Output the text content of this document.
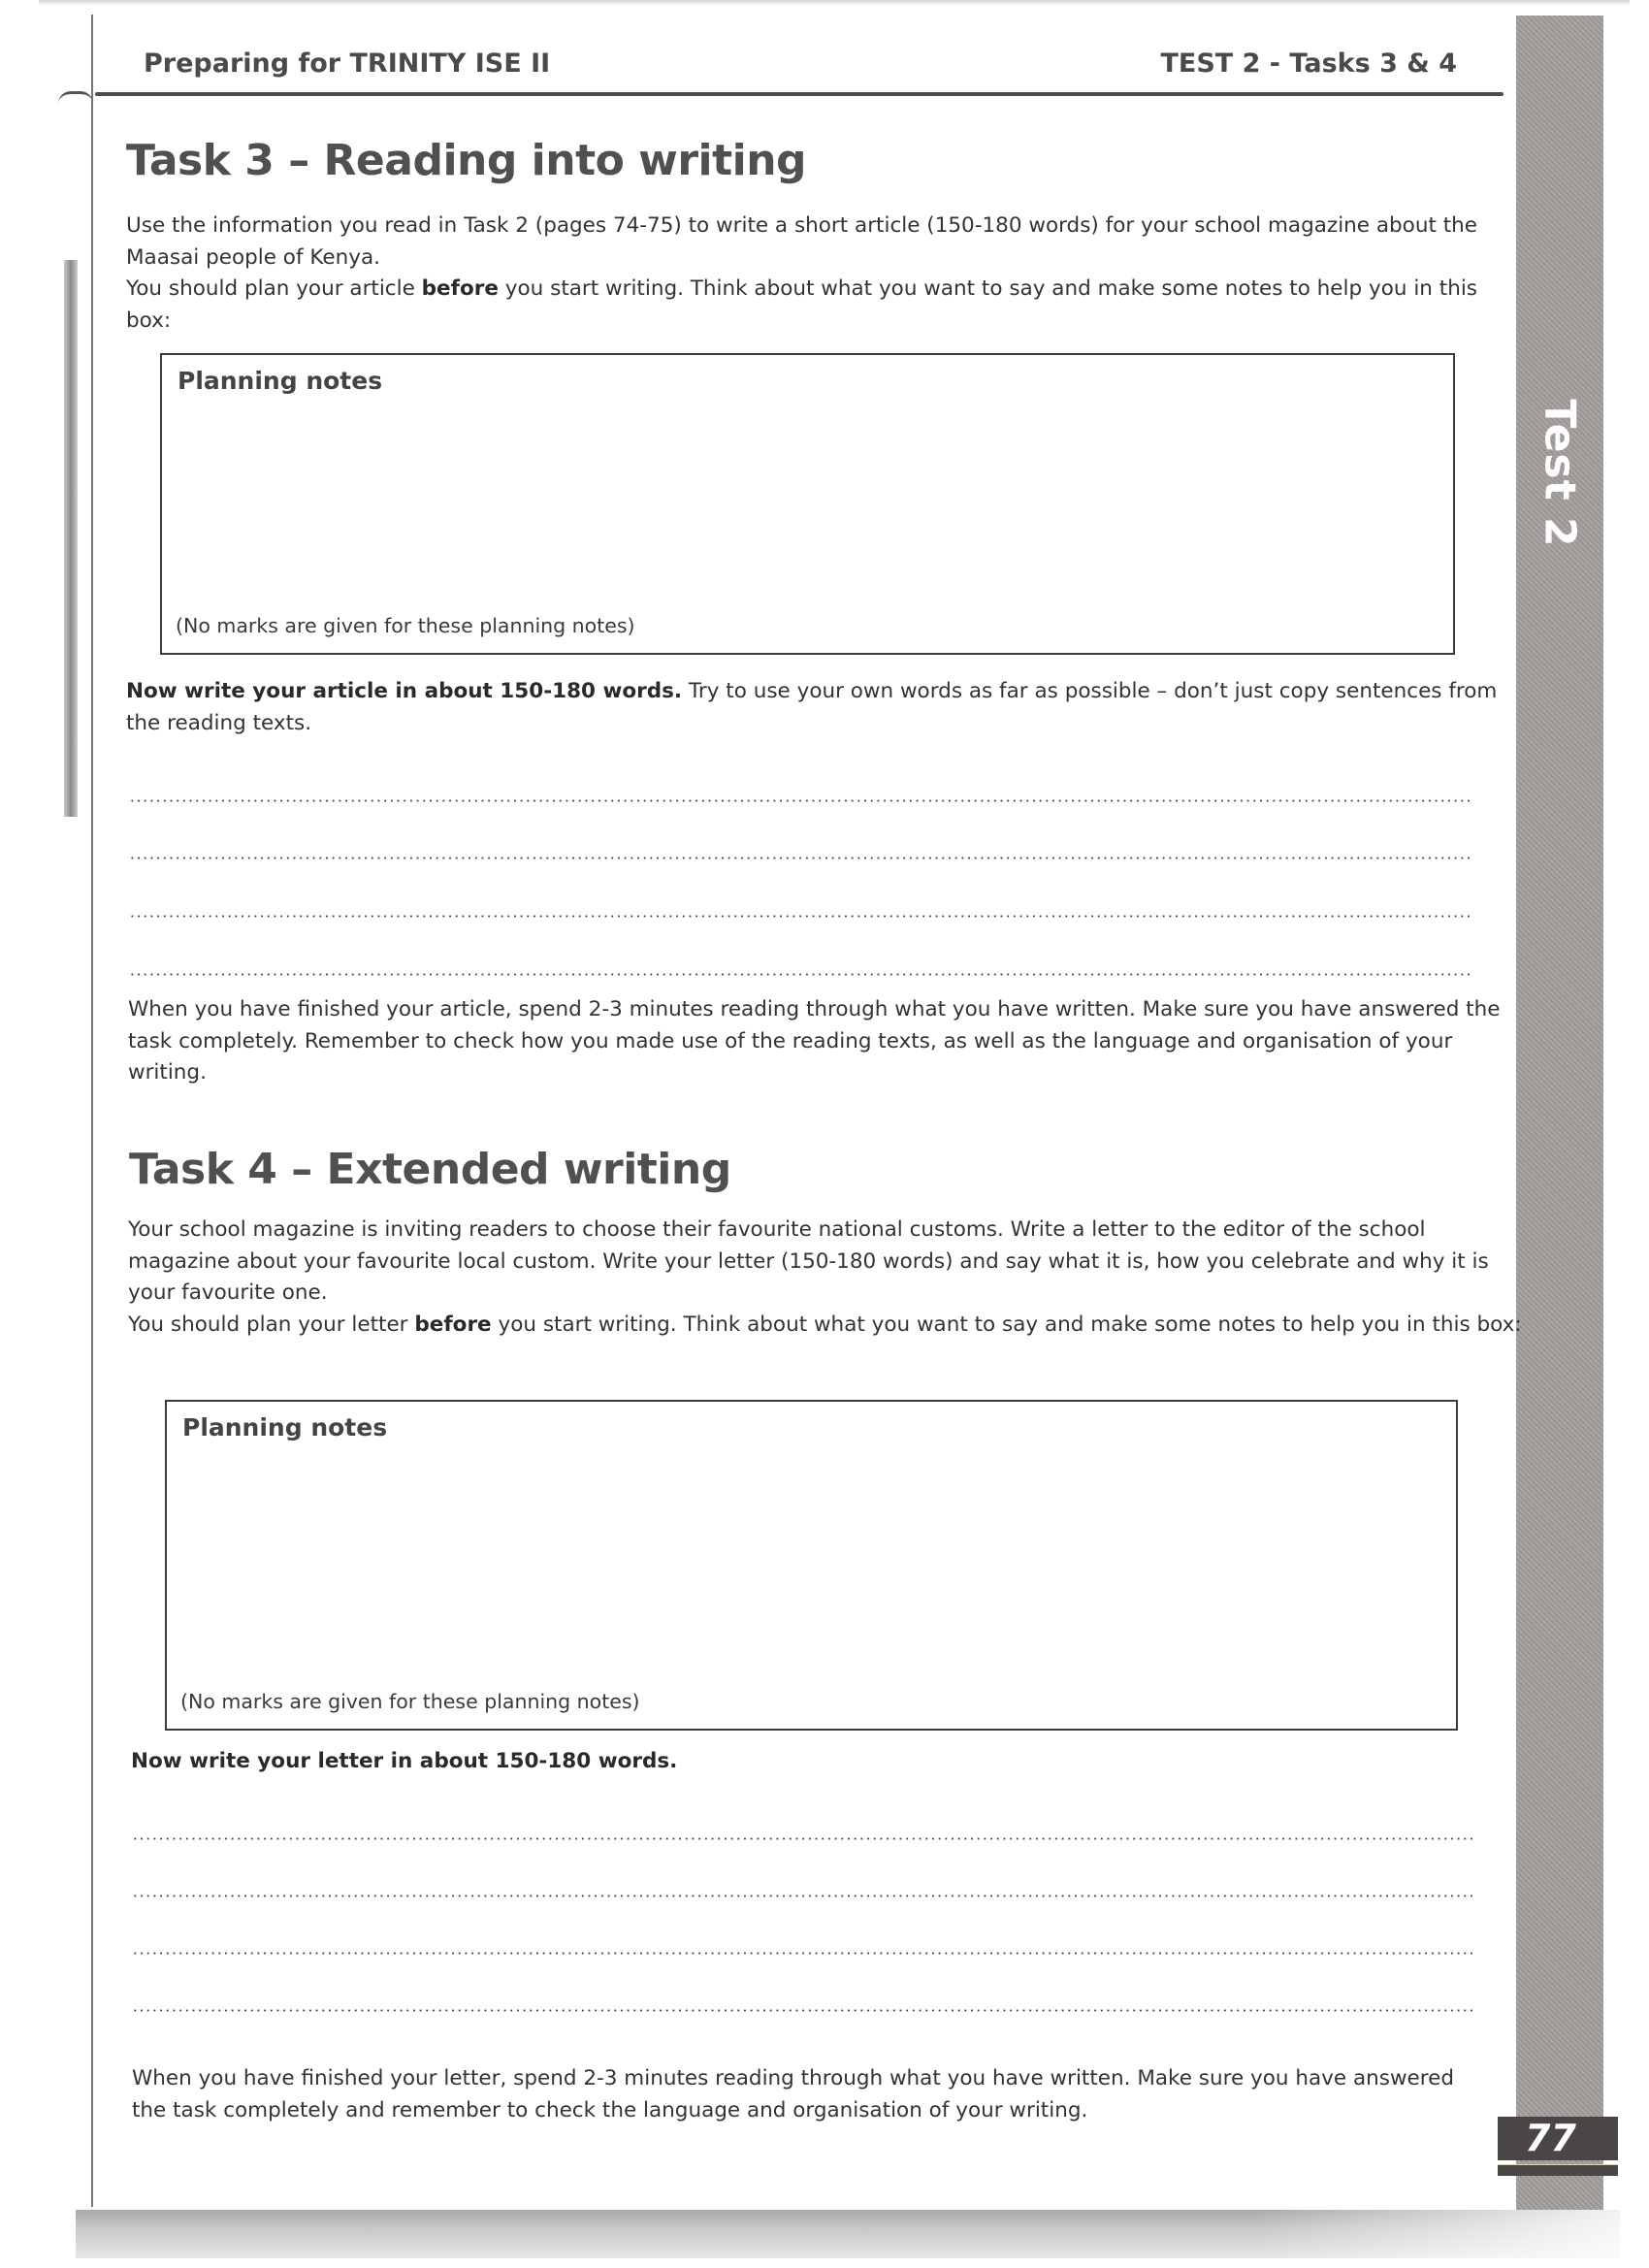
Preparing for TRINITY ISE II	TEST 2 - Tasks 3 & 4
Test 2
77
Task 3 – Reading into writing
Use the information you read in Task 2 (pages 74-75) to write a short article (150-180 words) for your school magazine about the Maasai people of Kenya.
You should plan your article before you start writing. Think about what you want to say and make some notes to help you in this box:
Planning notes
(No marks are given for these planning notes)
Now write your article in about 150-180 words. Try to use your own words as far as possible – don’t just copy sentences from the reading texts.
When you have finished your article, spend 2-3 minutes reading through what you have written. Make sure you have answered the task completely. Remember to check how you made use of the reading texts, as well as the language and organisation of your writing.
Task 4 – Extended writing
Your school magazine is inviting readers to choose their favourite national customs. Write a letter to the editor of the school magazine about your favourite local custom. Write your letter (150-180 words) and say what it is, how you celebrate and why it is your favourite one.
You should plan your letter before you start writing. Think about what you want to say and make some notes to help you in this box:
Planning notes
(No marks are given for these planning notes)
Now write your letter in about 150-180 words.
When you have finished your letter, spend 2-3 minutes reading through what you have written. Make sure you have answered the task completely and remember to check the language and organisation of your writing.
